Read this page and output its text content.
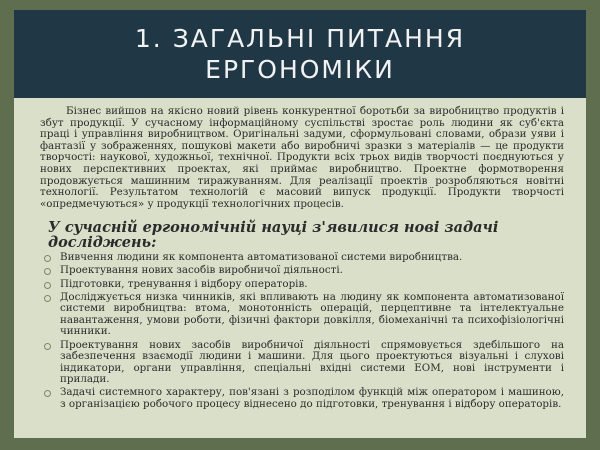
1. ЗАГАЛЬНІ ПИТАННЯ ЕРГОНОМІКИ

Бізнес вийшов на якісно новий рівень конкурентної боротьби за виробництво продуктів і збут продукції. У сучасному інформаційному суспільстві зростає роль людини як суб'єкта праці і управління виробництвом. Оригінальні задуми, сформульовані словами, образи уяви і фантазії у зображеннях, пошукові макети або виробничі зразки з матеріалів — це продукти творчості: наукової, художньої, технічної. Продукти всіх трьох видів творчості поєднуються у нових перспективних проектах, які приймає виробництво. Проектне формотворення продовжується машинним тиражуванням. Для реалізації проектів розробляються новітні технології. Результатом технологій є масовий випуск продукції. Продукти творчості «опредмечуються» у продукції технологічних процесів.

У сучасній ергономічній науці з'явилися нові задачі досліджень:
Вивчення людини як компонента автоматизованої системи виробництва.
Проектування нових засобів виробничої діяльності.
Підготовки, тренування і відбору операторів.
Досліджується низка чинників, які впливають на людину як компонента автоматизованої системи виробництва: втома, монотонність операцій, перцептивне та інтелектуальне навантаження, умови роботи, фізичні фактори довкілля, біомеханічні та психофізіологічні чинники.
Проектування нових засобів виробничої діяльності спрямовується здебільшого на забезпечення взаємодії людини і машини. Для цього проектуються візуальні і слухові індикатори, органи управління, спеціальні вхідні системи ЕОМ, нові інструменти і прилади.
Задачі системного характеру, пов'язані з розподілом функцій між оператором і машиною, з організацією робочого процесу віднесено до підготовки, тренування і відбору операторів.
